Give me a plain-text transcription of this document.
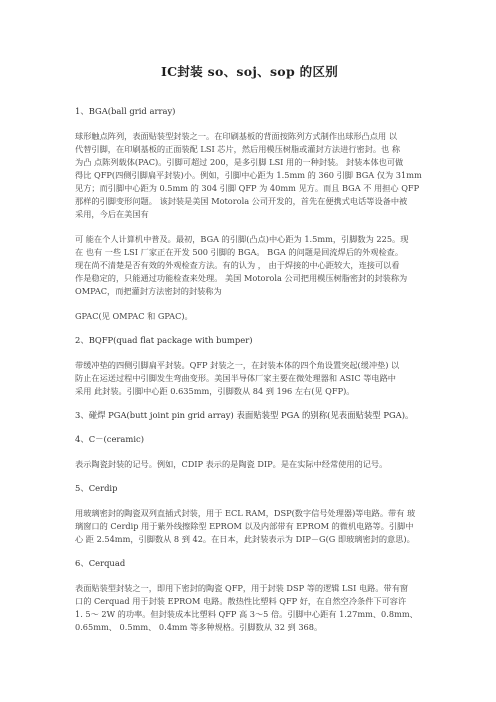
IC封装 so、soj、sop 的区别
1、BGA(ball grid array)
球形触点阵列，表面贴装型封装之一。在印刷基板的背面按陈列方式制作出球形凸点用 以
代替引脚，在印刷基板的正面装配 LSI 芯片，然后用模压树脂或灌封方法进行密封。也 称
为凸 点陈列载体(PAC)。引脚可超过 200，是多引脚 LSI 用的一种封装。 封装本体也可做
得比 QFP(四侧引脚扁平封装)小。例如，引脚中心距为 1.5mm 的 360 引脚 BGA 仅为 31mm
见方；而引脚中心距为 0.5mm 的 304 引脚 QFP 为 40mm 见方。而且 BGA 不 用担心 QFP
那样的引脚变形问题。 该封装是美国 Motorola 公司开发的，首先在便携式电话等设备中被
采用，今后在美国有
可 能在个人计算机中普及。最初，BGA 的引脚(凸点)中心距为 1.5mm，引脚数为 225。现
在 也有 一些 LSI 厂家正在开发 500 引脚的 BGA。 BGA 的问题是回流焊后的外观检查。
现在尚不清楚是否有效的外观检查方法。有的认为 ， 由于焊接的中心距较大，连接可以看
作是稳定的，只能通过功能检查来处理。 美国 Motorola 公司把用模压树脂密封的封装称为
OMPAC，而把灌封方法密封的封装称为
GPAC(见 OMPAC 和 GPAC)。
2、BQFP(quad flat package with bumper)
带缓冲垫的四侧引脚扁平封装。QFP 封装之一，在封装本体的四个角设置突起(缓冲垫) 以
防止在运送过程中引脚发生弯曲变形。美国半导体厂家主要在微处理器和 ASIC 等电路中
采用 此封装。引脚中心距 0.635mm，引脚数从 84 到 196 左右(见 QFP)。
3、碰焊 PGA(butt joint pin grid array) 表面贴装型 PGA 的别称(见表面贴装型 PGA)。
4、C－(ceramic)
表示陶瓷封装的记号。例如，CDIP 表示的是陶瓷 DIP。是在实际中经常使用的记号。
5、Cerdip
用玻璃密封的陶瓷双列直插式封装，用于 ECL RAM，DSP(数字信号处理器)等电路。带有 玻
璃窗口的 Cerdip 用于紫外线擦除型 EPROM 以及内部带有 EPROM 的微机电路等。引脚中
心 距 2.54mm，引脚数从 8 到 42。在日本，此封装表示为 DIP－G(G 即玻璃密封的意思)。
6、Cerquad
表面贴装型封装之一，即用下密封的陶瓷 QFP，用于封装 DSP 等的逻辑 LSI 电路。带有窗
口的 Cerquad 用于封装 EPROM 电路。散热性比塑料 QFP 好，在自然空冷条件下可容许
1. 5～ 2W 的功率。但封装成本比塑料 QFP 高 3～5 倍。引脚中心距有 1.27mm、0.8mm、
0.65mm、 0.5mm、 0.4mm 等多种规格。引脚数从 32 到 368。
